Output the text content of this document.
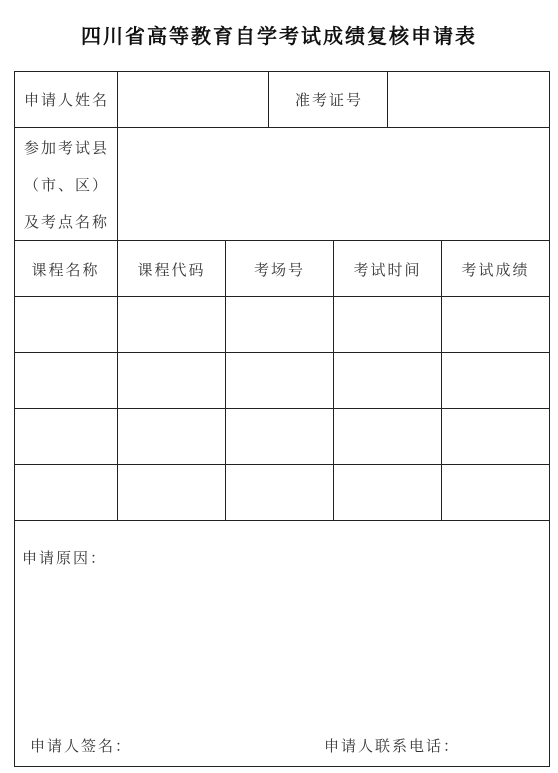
四川省高等教育自学考试成绩复核申请表
申请人姓名	准考证号
参加考试县
（市、区）
及考点名称
课程名称	课程代码	考场号	考试时间	考试成绩
申请原因：
申请人签名：	申请人联系电话：
